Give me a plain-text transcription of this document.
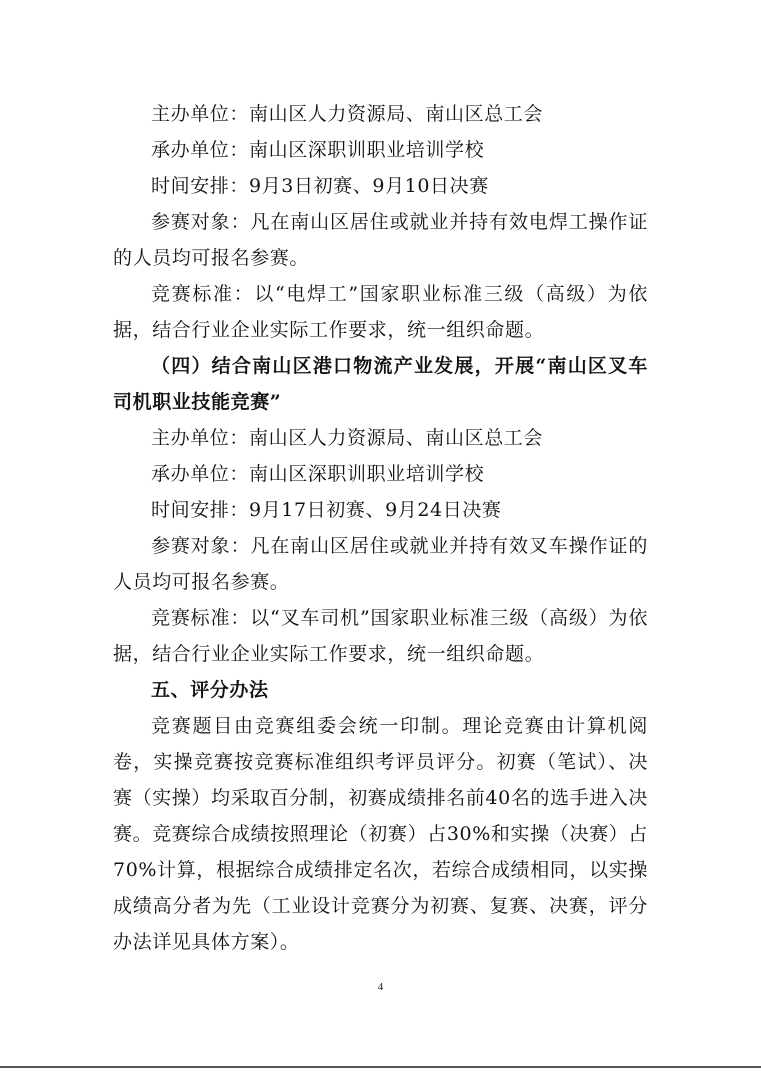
主办单位：南山区人力资源局、南山区总工会

承办单位：南山区深职训职业培训学校

时间安排：9月3日初赛、9月10日决赛

参赛对象：凡在南山区居住或就业并持有效电焊工操作证的人员均可报名参赛。

竞赛标准：以“电焊工”国家职业标准三级（高级）为依据，结合行业企业实际工作要求，统一组织命题。

（四）结合南山区港口物流产业发展，开展“南山区叉车司机职业技能竞赛”

主办单位：南山区人力资源局、南山区总工会

承办单位：南山区深职训职业培训学校

时间安排：9月17日初赛、9月24日决赛

参赛对象：凡在南山区居住或就业并持有效叉车操作证的人员均可报名参赛。

竞赛标准：以“叉车司机”国家职业标准三级（高级）为依据，结合行业企业实际工作要求，统一组织命题。

五、评分办法

竞赛题目由竞赛组委会统一印制。理论竞赛由计算机阅卷，实操竞赛按竞赛标准组织考评员评分。初赛（笔试）、决赛（实操）均采取百分制，初赛成绩排名前40名的选手进入决赛。竞赛综合成绩按照理论（初赛）占30%和实操（决赛）占70%计算，根据综合成绩排定名次，若综合成绩相同，以实操成绩高分者为先（工业设计竞赛分为初赛、复赛、决赛，评分办法详见具体方案）。

4
